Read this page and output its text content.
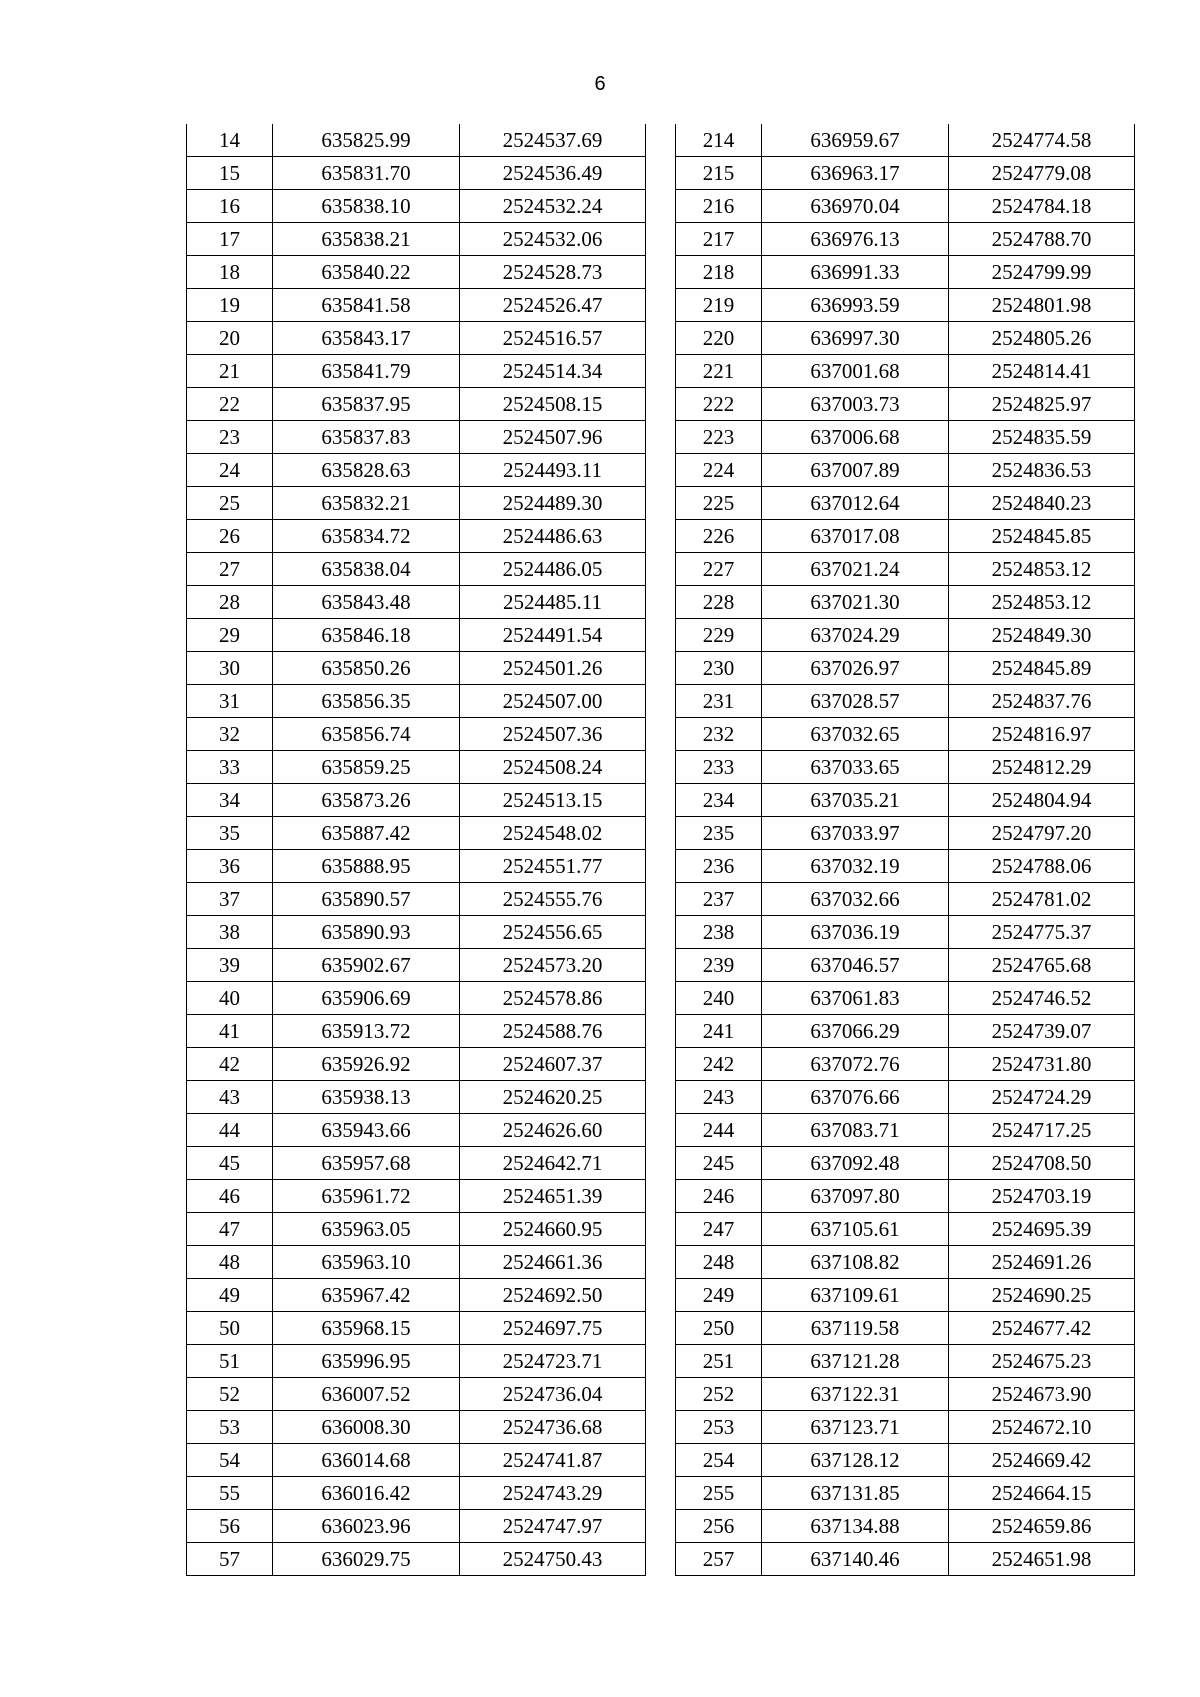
6
14	635825.99	2524537.69
15	635831.70	2524536.49
16	635838.10	2524532.24
17	635838.21	2524532.06
18	635840.22	2524528.73
19	635841.58	2524526.47
20	635843.17	2524516.57
21	635841.79	2524514.34
22	635837.95	2524508.15
23	635837.83	2524507.96
24	635828.63	2524493.11
25	635832.21	2524489.30
26	635834.72	2524486.63
27	635838.04	2524486.05
28	635843.48	2524485.11
29	635846.18	2524491.54
30	635850.26	2524501.26
31	635856.35	2524507.00
32	635856.74	2524507.36
33	635859.25	2524508.24
34	635873.26	2524513.15
35	635887.42	2524548.02
36	635888.95	2524551.77
37	635890.57	2524555.76
38	635890.93	2524556.65
39	635902.67	2524573.20
40	635906.69	2524578.86
41	635913.72	2524588.76
42	635926.92	2524607.37
43	635938.13	2524620.25
44	635943.66	2524626.60
45	635957.68	2524642.71
46	635961.72	2524651.39
47	635963.05	2524660.95
48	635963.10	2524661.36
49	635967.42	2524692.50
50	635968.15	2524697.75
51	635996.95	2524723.71
52	636007.52	2524736.04
53	636008.30	2524736.68
54	636014.68	2524741.87
55	636016.42	2524743.29
56	636023.96	2524747.97
57	636029.75	2524750.43
214	636959.67	2524774.58
215	636963.17	2524779.08
216	636970.04	2524784.18
217	636976.13	2524788.70
218	636991.33	2524799.99
219	636993.59	2524801.98
220	636997.30	2524805.26
221	637001.68	2524814.41
222	637003.73	2524825.97
223	637006.68	2524835.59
224	637007.89	2524836.53
225	637012.64	2524840.23
226	637017.08	2524845.85
227	637021.24	2524853.12
228	637021.30	2524853.12
229	637024.29	2524849.30
230	637026.97	2524845.89
231	637028.57	2524837.76
232	637032.65	2524816.97
233	637033.65	2524812.29
234	637035.21	2524804.94
235	637033.97	2524797.20
236	637032.19	2524788.06
237	637032.66	2524781.02
238	637036.19	2524775.37
239	637046.57	2524765.68
240	637061.83	2524746.52
241	637066.29	2524739.07
242	637072.76	2524731.80
243	637076.66	2524724.29
244	637083.71	2524717.25
245	637092.48	2524708.50
246	637097.80	2524703.19
247	637105.61	2524695.39
248	637108.82	2524691.26
249	637109.61	2524690.25
250	637119.58	2524677.42
251	637121.28	2524675.23
252	637122.31	2524673.90
253	637123.71	2524672.10
254	637128.12	2524669.42
255	637131.85	2524664.15
256	637134.88	2524659.86
257	637140.46	2524651.98
